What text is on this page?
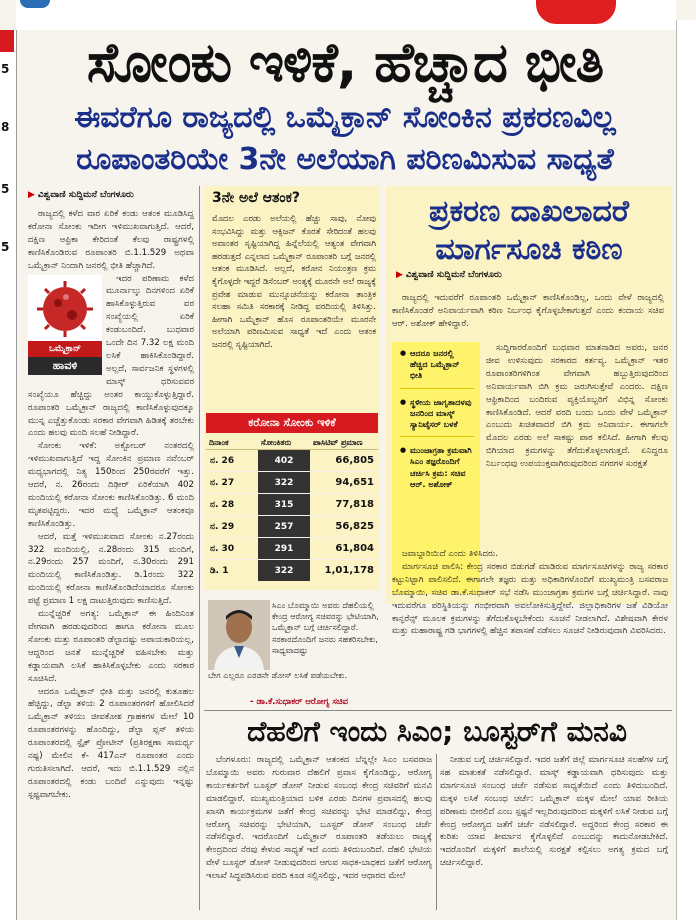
5
8
5
5
ಸೋಂಕು ಇಳಿಕೆ, ಹೆಚ್ಚಾದ ಭೀತಿ
ಈವರೆಗೂ ರಾಜ್ಯದಲ್ಲಿ ಒಮೈಕ್ರಾನ್ ಸೋಂಕಿನ ಪ್ರಕರಣವಿಲ್ಲ
ರೂಪಾಂತರಿಯೇ 3ನೇ ಅಲೆಯಾಗಿ ಪರಿಣಮಿಸುವ ಸಾಧ್ಯತೆ
▶ ವಿಶ್ವವಾಣಿ ಸುದ್ದಿಮನೆ ಬೆಂಗಳೂರು

ರಾಜ್ಯದಲ್ಲಿ ಕಳೆದ ವಾರ ಏರಿಕೆ ಕಂಡು ಆತಂಕ ಮೂಡಿಸಿದ್ದ ಕರೋನಾ ಸೋಂಕು ಇದೀಗ ಇಳಿಮುಖವಾಗುತ್ತಿದೆ. ಆದರೆ, ದಕ್ಷಿಣ ಆಫ್ರಿಕಾ ಕೇರಿದಂತೆ ಕೆಲವು ರಾಷ್ಟ್ರಗಳಲ್ಲಿ ಕಾಣಿಸಿಕೊಂಡಿರುವ ರೂಪಾಂತರಿ ಬಿ.1.1.529 ಅಥವಾ ಒಮೈಕ್ರಾನ್ ನಿಂದಾಗಿ ಜನರಲ್ಲಿ ಭೀತಿ ಹೆಚ್ಚಾಗಿದೆ.

ಒಮೈಕ್ರಾನ್
ಹಾವಳಿ

ಇದರ ಪರಿಣಾಮ ಕಳೆದ ಮೂರ್ನಾಲ್ಕು ದಿನಗಳಿಂದ ಏರಿಕೆ ಹಾಸಿಕೊಳ್ಳುತ್ತಿರುವ ವರ ಸಂಖ್ಯೆಯಲ್ಲಿ ಏರಿಕೆ ಕಂಡುಬಂದಿದೆ. ಬುಧವಾರ ಒಂದೇ ದಿನ 7.32 ಲಕ್ಷ ಮಂದಿ ಲಸಿಕೆ ಹಾಕಿಸಿಕೊಂಡಿದ್ದಾರೆ. ಅಲ್ಲದೆ, ಸಾರ್ವಜನಿಕ ಸ್ಥಳಗಳಲ್ಲಿ ಮಾಸ್ಕ್ ಧರಿಸುವವರ ಸಂಖ್ಯೆಯೂ ಹೆಚ್ಚಿದ್ದು ಅಂತರ ಕಾಯ್ದುಕೊಳ್ಳುತ್ತಿದ್ದಾರೆ. ರೂಪಾಂತರಿ ಒಮೈಕ್ರಾನ್ ರಾಜ್ಯದಲ್ಲಿ ಕಾಣಿಸಿಕೊಳ್ಳುವುದಕ್ಕೂ ಮುನ್ನ ಎಚ್ಚೆತ್ತುಕೊಂಡು ಸರಕಾರ ವೇಗವಾಗಿ ಹಿಡಿತಕ್ಕೆ ತರಬೇಕು ಎಂದು ಹಲವು ಮಂದಿ ಸಲಹೆ ನೀಡಿದ್ದಾರೆ.

ಸೋಂಕು ಇಳಿಕೆ: ಅಕ್ಟೋಬರ್ ನಂತರದಲ್ಲಿ ಇಳಿಮುಖವಾಗುತ್ತಿದೆ ಇದ್ದ ಸೋಂಕಿನ ಪ್ರಮಾಣ ನವೆಂಬರ್ ಮಧ್ಯಭಾಗದಲ್ಲಿ ನಿತ್ಯ 150ರಿಂದ 250ರವರೆಗೆ ಇತ್ತು. ಆದರೆ, ನ. 26ರಂದು ದಿಢೀರ್ ಏರಿಕೆಯಾಗಿ 402 ಮಂದಿಯಲ್ಲಿ ಕರೋನಾ ಸೋಂಕು ಕಾಣಿಸಿಕೊಂಡಿತ್ತು. 6 ಮಂದಿ ಮೃತಪಟ್ಟಿದ್ದರು. ಇದರ ಮಧ್ಯೆ ಒಮೈಕ್ರಾನ್ ಆತಂಕವೂ ಕಾಣಿಸಿಕೊಂಡಿತ್ತು.

ಆದರೆ, ಮತ್ತೆ ಇಳಿಮುಖವಾದ ಸೋಂಕು ನ.27ರಂದು 322 ಮಂದಿಯಲ್ಲಿ, ನ.28ರಂದು 315 ಮಂದಿಗೆ, ನ.29ರಂದು 257 ಮಂದಿಗೆ, ನ.30ರಂದು 291 ಮಂದಿಯಲ್ಲಿ ಕಾಣಿಸಿಕೊಂಡಿತ್ತು. ಡಿ.1ರಂದು 322 ಮಂದಿಯಲ್ಲಿ ಕರೋನಾ ಕಾಣಿಸಿಕೊಂಡಿದೆಯಾದರೂ ಸೋಂಕು ಪಟ್ಟೆ ಪ್ರಮಾಣ 1 ಲಕ್ಷ ದಾಟುತ್ತಿರುವುದು ಕಾಣಿಸುತ್ತಿದೆ.

ಮುನ್ನೆಚ್ಚರಿಕೆ ಅಗತ್ಯ: ಒಮೈಕ್ರಾನ್ ಈ ಹಿಂದಿನಿಂತ ವೇಗವಾಗಿ ಹರಡುವುದರಿಂದ ಹಾಗೂ ಕರೋನಾ ಮೂಲ ಸೋಂಕು ಮತ್ತು ರೂಪಾಂತರಿ ಡೆಲ್ಟಾದಷ್ಟು ಅಪಾಯಕಾರಿಯಲ್ಲ, ಆದ್ದರಿಂದ ಜನತೆ ಮುನ್ನೆಚ್ಚರಿಕೆ ವಹಿಸಬೇಕು ಮತ್ತು ಕಡ್ಡಾಯವಾಗಿ ಲಸಿಕೆ ಹಾಕಿಸಿಕೊಳ್ಳಬೇಕು ಎಂದು ಸರಕಾರ ಸೂಚಿಸಿದೆ.

ಆದರೂ ಒಮೈಕ್ರಾನ್ ಭೀತಿ ಮತ್ತು ಜನರಲ್ಲಿ ಕುತೂಹಲ ಹೆಚ್ಚಿದ್ದು, ಡೆಲ್ಟಾ ತಳಿಯ 2 ರೂಪಾಂತರಗಳಿಗೆ ಹೋಲಿಸಿದರೆ ಒಮೈಕ್ರಾನ್ ತಳಿಯು ಜೀವಕೋಶ ಗ್ರಾಹಕಗಳ ಮೇಲೆ 10 ರೂಪಾಂತರಗಳನ್ನು ಹೊಂದಿದ್ದು, ಡೆಲ್ಟಾ ಪ್ಲಸ್ ತಳಿಯ ರೂಪಾಂತರದಲ್ಲಿ ಸ್ಪೈಕ್ ಪ್ರೋಟೀನ್ (ಪ್ರತಿರಕ್ಷಣಾ ಸಾಮರ್ಥ್ಯ ನಷ್ಟ) ಮೇಲಿನ ಕೆ- 417ಎನ್ ರೂಪಾಂತರ ಎಂದು ಗುರುತಿಸಲಾಗಿದೆ. ಆದರೆ, ಇದು ಬಿ.1.1.529 ನಲ್ಲಿನ ರೂಪಾಂತರದಲ್ಲಿ ಕಂಡು ಬಂದಿವೆ ಎನ್ನುವುದು ಇನ್ನಷ್ಟು ಸ್ಪಷ್ಟವಾಗಬೇಕು.

3ನೇ ಅಲೆ ಆತಂಕ?
ಮೊದಲ ಎರಡು ಅಲೆಯಲ್ಲಿ ಹೆಚ್ಚು ಸಾವು, ನೋವು ಸಂಭವಿಸಿದ್ದು ಮತ್ತು ಆಕ್ಸಿಜನ್ ಕೊರತೆ ಸೇರಿದಂತೆ ಹಲವು ಅವಾಂತರ ಸೃಷ್ಟಿಯಾಗಿದ್ದ ಹಿನ್ನೆಲೆಯಲ್ಲಿ ಆತ್ಯಂತ ವೇಗವಾಗಿ ಹರಡುತ್ತದೆ ಎನ್ನಲಾದ ಒಮೈಕ್ರಾನ್ ರೂಪಾಂತರಿ ಬಗ್ಗೆ ಜನರಲ್ಲಿ ಆತಂಕ ಮೂಡಿಸಿದೆ. ಅಲ್ಲದೆ, ಕರೋನ ನಿಯಂತ್ರಣ ಕ್ರಮ ಕೈಗೊಳ್ಳದೇ ಇದ್ದರೆ ಡಿಸೆಂಬರ್ ಅಂತ್ಯಕ್ಕೆ ಮೂರನೇ ಅಲೆ ರಾಜ್ಯಕ್ಕೆ ಪ್ರವೇಶ ಮಾಡುವ ಮುನ್ಸೂಚನೆಯನ್ನು ಕರೋನಾ ತಾಂತ್ರಿಕ ಸಲಹಾ ಸಮಿತಿ ಸರಕಾರಕ್ಕೆ ನೀಡಿದ್ದ ವರದಿಯಲ್ಲಿ ತಿಳಿಸಿತ್ತು. ಹೀಗಾಗಿ ಒಮೈಕ್ರಾನ್ ಹೊಸ ರೂಪಾಂತರಿಯೇ ಮೂರನೇ ಅಲೆಯಾಗಿ ಪರಿಣಮಿಸುವ ಸಾಧ್ಯತೆ ಇದೆ ಎಂದು ಆತಂಕ ಜನರಲ್ಲಿ ಸೃಷ್ಟಿಯಾಗಿದೆ.
ಕರೋನಾ ಸೋಂಕು ಇಳಿಕೆ
ದಿನಾಂಕ	ಸೋಂಕಿತರು	ಪಾಸಿಟಿವ್ ಪ್ರಮಾಣ
ನ. 26	402	66,805
ನ. 27	322	94,651
ನ. 28	315	77,818
ನ. 29	257	56,825
ನ. 30	291	61,804
ಡಿ. 1	322	1,01,178
ಸಿಎಂ ಬೊಮ್ಮಾಯಿ ಅವರು ದೆಹಲಿಯಲ್ಲಿ ಕೇಂದ್ರ ಆರೋಗ್ಯ ಸಚಿವರನ್ನು ಭೇಟಿಯಾಗಿ, ಒಮೈಕ್ರಾನ್ ಬಗ್ಗೆ ಚರ್ಚಿಸಲಿದ್ದಾರೆ. ಸರಕಾರದೊಂದಿಗೆ ಜನರು ಸಹಕರಿಸಬೇಕು, ಸಾಧ್ಯವಾದಷ್ಟು
ಬೇಗ ಎಲ್ಲರೂ ಎರಡನೇ ಡೋಸ್ ಲಸಿಕೆ ಪಡೆಯಬೇಕು.
- ಡಾ.ಕೆ.ಸುಧಾಕರ್ ಆರೋಗ್ಯ ಸಚಿವ
ಪ್ರಕರಣ ದಾಖಲಾದರೆ
ಮಾರ್ಗಸೂಚಿ ಕಠಿಣ
▶ ವಿಶ್ವವಾಣಿ ಸುದ್ದಿಮನೆ ಬೆಂಗಳೂರು

ರಾಜ್ಯದಲ್ಲಿ ಇದುವರೆಗೆ ರೂಪಾಂತರಿ ಒಮೈಕ್ರಾನ್ ಕಾಣಿಸಿಕೊಂಡಿಲ್ಲ, ಒಂದು ವೇಳೆ ರಾಜ್ಯದಲ್ಲಿ ಕಾಣಿಸಿಕೊಂಡರೆ ಅನಿವಾರ್ಯವಾಗಿ ಕಠಿಣ ನಿರ್ಬಂಧ ಕೈಗೊಳ್ಳಬೇಕಾಗುತ್ತದೆ ಎಂದು ಕಂದಾಯ ಸಚಿವ ಆರ್. ಅಶೋಕ್ ಹೇಳಿದ್ದಾರೆ.

● ಆದರೂ ಜನರಲ್ಲಿ ಹೆಚ್ಚಿದ ಒಮೈಕ್ರಾನ್ ಭೀತಿ
● ಸ್ಥಳೀಯ ಜಾಗೃತಾದಳವು ಜನರಿಂದ ಮಾಸ್ಕ್ ಸ್ಯಾನಿಟೈಸರ್ ಬಳಕೆ
● ಮುಂಜಾಗ್ರತಾ ಕ್ರಮವಾಗಿ ಸಿಎಂ ತಜ್ಞರೊಂದಿಗೆ ಚರ್ಚಿಸಿ ಕ್ರಮ: ಸಚಿವ ಆರ್. ಅಶೋಕ್

ಸುದ್ದಿಗಾರರೊಂದಿಗೆ ಬುಧವಾರ ಮಾತನಾಡಿದ ಅವರು, ಜನರ ಜೀವ ಉಳಿಸುವುದು ಸರಕಾರದ ಕರ್ತವ್ಯ. ಒಮೈಕ್ರಾನ್ ಇತರ ರೂಪಾಂತರಿಗಳಿಗಿಂತ ವೇಗವಾಗಿ ಹಬ್ಬುತ್ತಿರುವುದರಿಂದ ಅನಿವಾರ್ಯವಾಗಿ ಬಿಗಿ ಕ್ರಮ ಜರುಗಿಸುತ್ತೇವೆ ಎಂದರು. ದಕ್ಷಿಣ ಆಫ್ರಿಕಾದಿಂದ ಬಂದಿರುವ ವ್ಯಕ್ತಿಯೊಬ್ಬರಿಗೆ ವಿಭಿನ್ನ ಸೋಂಕು ಕಾಣಿಸಿಕೊಂಡಿದೆ. ಆದರೆ ವರದಿ ಬಂದು ಒಂದು ವೇಳೆ ಒಮೈಕ್ರಾನ್ ಎಂಬುದು ಖಚಿತವಾದರೆ ಬಿಗಿ ಕ್ರಮ ಅನಿವಾರ್ಯ. ಈಗಾಗಲೇ ಮೊದಲ ಎರಡು ಅಲೆ ಸಾಕಷ್ಟು ಪಾಠ ಕಲಿಸಿದೆ. ಹೀಗಾಗಿ ಕೆಲವು ಬಿಗಿಯಾದ ಕ್ರಮಗಳನ್ನು ತೆಗೆದುಕೊಳ್ಳಲಾಗುತ್ತದೆ. ಏನಿದ್ದರೂ ನಿರ್ಬಂಧವು ಉಪಯುಕ್ತವಾಗಿರುವುದರಿಂದ ನಗರಗಳ ಸುರಕ್ಷತೆ

ಜವಾಬ್ದಾರಿಯಿದೆ ಎಂದು ತಿಳಿಸಿದರು.

ಮಾರ್ಗಸೂಚಿ ಪಾಲಿಸಿ: ಕೇಂದ್ರ ಸರಕಾರ ಬಿಡುಗಡೆ ಮಾಡಿರುವ ಮಾರ್ಗಸೂಚಿಗಳನ್ನು ರಾಜ್ಯ ಸರಕಾರ ಕಟ್ಟುನಿಟ್ಟಾಗಿ ಪಾಲಿಸಲಿದೆ. ಈಗಾಗಲೇ ತಜ್ಞರು ಮತ್ತು ಅಧಿಕಾರಿಗಳೊಂದಿಗೆ ಮುಖ್ಯಮಂತ್ರಿ ಬಸವರಾಜ ಬೊಮ್ಮಾಯಿ, ಸಚಿವ ಡಾ.ಕೆ.ಸುಧಾಕರ್ ಸಭೆ ನಡೆಸಿ ಮುಂಜಾಗ್ರತಾ ಕ್ರಮಗಳ ಬಗ್ಗೆ ಚರ್ಚಿಸಿದ್ದಾರೆ. ನಾವು ಇದುವರೆಗೂ ಪರಿಸ್ಥಿತಿಯನ್ನು ಗಂಭೀರವಾಗಿ ಅವಲೋಕಿಸುತ್ತಿದ್ದೇವೆ. ಜಿಲ್ಲಾಧಿಕಾರಿಗಳ ಜತೆ ವಿಡಿಯೋ ಕಾನ್ಫರೆನ್ಸ್ ಮೂಲಕ ಕ್ರಮಗಳನ್ನು ತೆಗೆದುಕೊಳ್ಳಬೇಕೆಂದು ಸೂಚನೆ ನೀಡಲಾಗಿದೆ. ವಿಶೇಷವಾಗಿ ಕೇರಳ ಮತ್ತು ಮಹಾರಾಷ್ಟ್ರ ಗಡಿ ಭಾಗಗಳಲ್ಲಿ ಹೆಚ್ಚಿನ ತಪಾಸಣೆ ನಡೆಸಲು ಸೂಚನೆ ನೀಡಿರುವುದಾಗಿ ವಿವರಿಸಿದರು.

ದೆಹಲಿಗೆ ಇಂದು ಸಿಎಂ; ಬೂಸ್ಟರ್‌ಗೆ ಮನವಿ

ಬೆಂಗಳೂರು: ರಾಜ್ಯದಲ್ಲಿ ಒಮೈಕ್ರಾನ್ ಆತಂಕದ ಬೆನ್ನಲ್ಲೇ ಸಿಎಂ ಬಸವರಾಜ ಬೊಮ್ಮಾಯಿ ಅವರು ಗುರುವಾರ ದೆಹಲಿಗೆ ಪ್ರವಾಸ ಕೈಗೊಂಡಿದ್ದು, ಆರೋಗ್ಯ ಕಾರ್ಯಕರ್ತರಿಗೆ ಬೂಸ್ಟರ್ ಡೋಸ್ ನೀಡುವ ಸಂಬಂಧ ಕೇಂದ್ರ ಸಚಿವರಿಗೆ ಮನವಿ ಮಾಡಲಿದ್ದಾರೆ. ಮುಖ್ಯಮಂತ್ರಿಯಾದ ಬಳಿಕ ಎರಡು ದಿನಗಳ ಪ್ರವಾಸದಲ್ಲಿ ಹಲವು ಖಾಸಗಿ ಕಾರ್ಯಕ್ರಮಗಳ ಜತೆಗೆ ಕೇಂದ್ರ ಸಚಿವರನ್ನು ಭೇಟಿ ಮಾಡಲಿದ್ದು, ಕೇಂದ್ರ ಆರೋಗ್ಯ ಸಚಿವರನ್ನು ಭೇಟಿಯಾಗಿ, ಬೂಸ್ಟರ್ ಡೋಸ್ ಸಂಬಂಧ ಚರ್ಚೆ ನಡೆಸಲಿದ್ದಾರೆ. ಇದರೊಂದಿಗೆ ಒಮೈಕ್ರಾನ್ ರೂಪಾಂತರಿ ತಡೆಯಲು ರಾಜ್ಯಕ್ಕೆ ಕೇಂದ್ರದಿಂದ ನೆರವು ಕೇಳುವ ಸಾಧ್ಯತೆ ಇದೆ ಎಂದು ತಿಳಿದುಬಂದಿದೆ. ದೆಹಲಿ ಭೇಟಿಯ ವೇಳೆ ಬೂಸ್ಟರ್ ಡೋಸ್ ನೀಡುವುದರಿಂದ ಆಗುವ ಸಾಧಕ-ಬಾಧಕದ ಜತೆಗೆ ಆರೋಗ್ಯ ಇಲಾಖೆ ಸಿದ್ಧಪಡಿಸಿರುವ ವರದಿ ಕೂಡ ಸಲ್ಲಿಸಲಿದ್ದು, ಇದರ ಆಧಾರದ ಮೇಲೆ

ನೀಡುವ ಬಗ್ಗೆ ಚರ್ಚಿಸಲಿದ್ದಾರೆ. ಇದರ ಜತೆಗೆ ಜಿಲ್ಲೆ ಮಾರ್ಗಸೂಚಿ ಸಲಹೆಗಳ ಬಗ್ಗೆ ಸಹ ಮಾತುಕತೆ ನಡೆಸಲಿದ್ದಾರೆ. ಮಾಸ್ಕ್ ಕಡ್ಡಾಯವಾಗಿ ಧರಿಸುವುದು ಮತ್ತು ಮಾರ್ಗಸೂಚಿ ಸಂಬಂಧ ಚರ್ಚೆ ನಡೆಸುವ ಸಾಧ್ಯತೆಯಿದೆ ಎಂದು ತಿಳಿದುಬಂದಿದೆ. ಮಕ್ಕಳ ಲಸಿಕೆ ಸಂಬಂಧ ಚರ್ಚೆ: ಒಮೈಕ್ರಾನ್ ಮಕ್ಕಳ ಮೇಲೆ ಯಾವ ರೀತಿಯ ಪರಿಣಾಮ ಬೀರಲಿದೆ ಎಂಬ ಸ್ಪಷ್ಟನೆ ಇಲ್ಲದಿರುವುದರಿಂದ ಮಕ್ಕಳಿಗೆ ಲಸಿಕೆ ನೀಡುವ ಬಗ್ಗೆ ಕೇಂದ್ರ ಆರೋಗ್ಯದ ಜತೆಗೆ ಚರ್ಚೆ ನಡೆಸಲಿದ್ದಾರೆ. ಅದ್ದರಿಂದ ಕೇಂದ್ರ ಸರಕಾರ ಈ ಕುರಿತು ಯಾವ ತೀರ್ಮಾನ ಕೈಗೊಳ್ಳಲಿದೆ ಎಂಬುದನ್ನು ಕಾದುನೋಡಬೇಕಿದೆ. ಇದರೊಂದಿಗೆ ಮಕ್ಕಳಿಗೆ ಶಾಲೆಯಲ್ಲಿ ಸುರಕ್ಷತೆ ಕಲ್ಪಿಸಲು ಅಗತ್ಯ ಕ್ರಮದ ಬಗ್ಗೆ ಚರ್ಚಿಸಲಿದ್ದಾರೆ.
